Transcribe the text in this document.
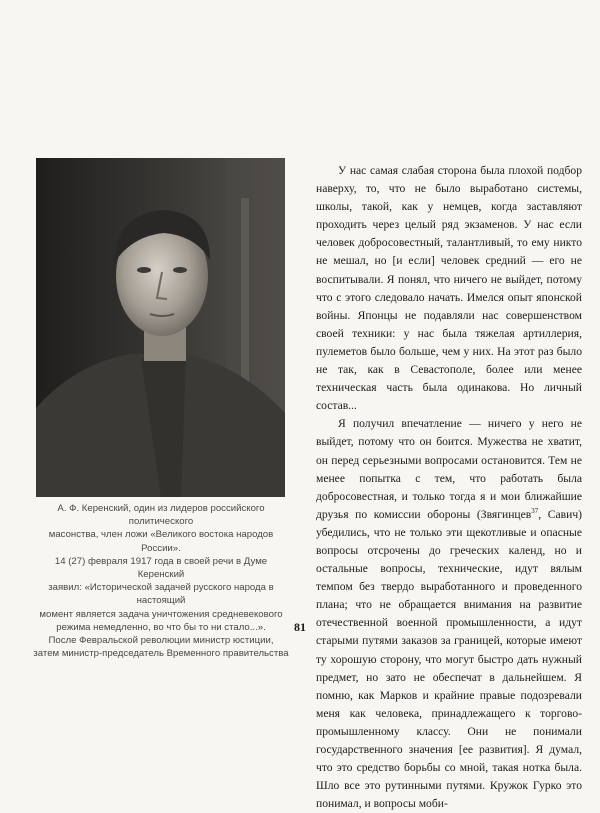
А. Ф. Керенский, один из лидеров российского политического

масонства, член ложи «Великого востока народов России».

14 (27) февраля 1917 года в своей речи в Думе Керенский

заявил: «Исторической задачей русского народа в настоящий

момент является задача уничтожения средневекового

режима немедленно, во что бы то ни стало...».

После Февральской революции министр юстиции,

затем министр-председатель Временного правительства

У нас самая слабая сторона была плохой подбор наверху, то, что не было выработано системы, школы, такой, как у немцев, когда заставляют проходить через целый ряд экзаменов. У нас если человек добросовестный, талантливый, то ему никто не мешал, но [и если] человек средний — его не воспитывали. Я понял, что ничего не выйдет, потому что с этого следовало начать. Имелся опыт японской войны. Японцы не подавляли нас совершенством своей техники: у нас была тяжелая артиллерия, пулеметов было больше, чем у них. На этот раз было не так, как в Севастополе, более или менее техническая часть была одинакова. Но личный состав...

Я получил впечатление — ничего у него не выйдет, потому что он боится. Мужества не хватит, он перед серьезными вопросами остановится. Тем не менее попытка с тем, что работать была добросовестная, и только тогда я и мои ближайшие друзья по комиссии обороны (Звягинцев$^{37}$, Савич) убедились, что не только эти щекотливые и опасные вопросы отсрочены до греческих календ, но и остальные вопросы, технические, идут вялым темпом без твердо выработанного и проведенного плана; что не обращается внимания на развитие отечественной военной промышленности, а идут старыми путями заказов за границей, которые имеют ту хорошую сторону, что могут быстро дать нужный предмет, но зато не обеспечат в дальнейшем. Я помню, как Марков и крайние правые подозревали меня как человека, принадлежащего к торгово-промышленному классу. Они не понимали государственного значения [ее развития]. Я думал, что это средство борьбы со мной, такая нотка была. Шло все это рутинными путями. Кружок Гурко это понимал, и вопросы моби-

81
